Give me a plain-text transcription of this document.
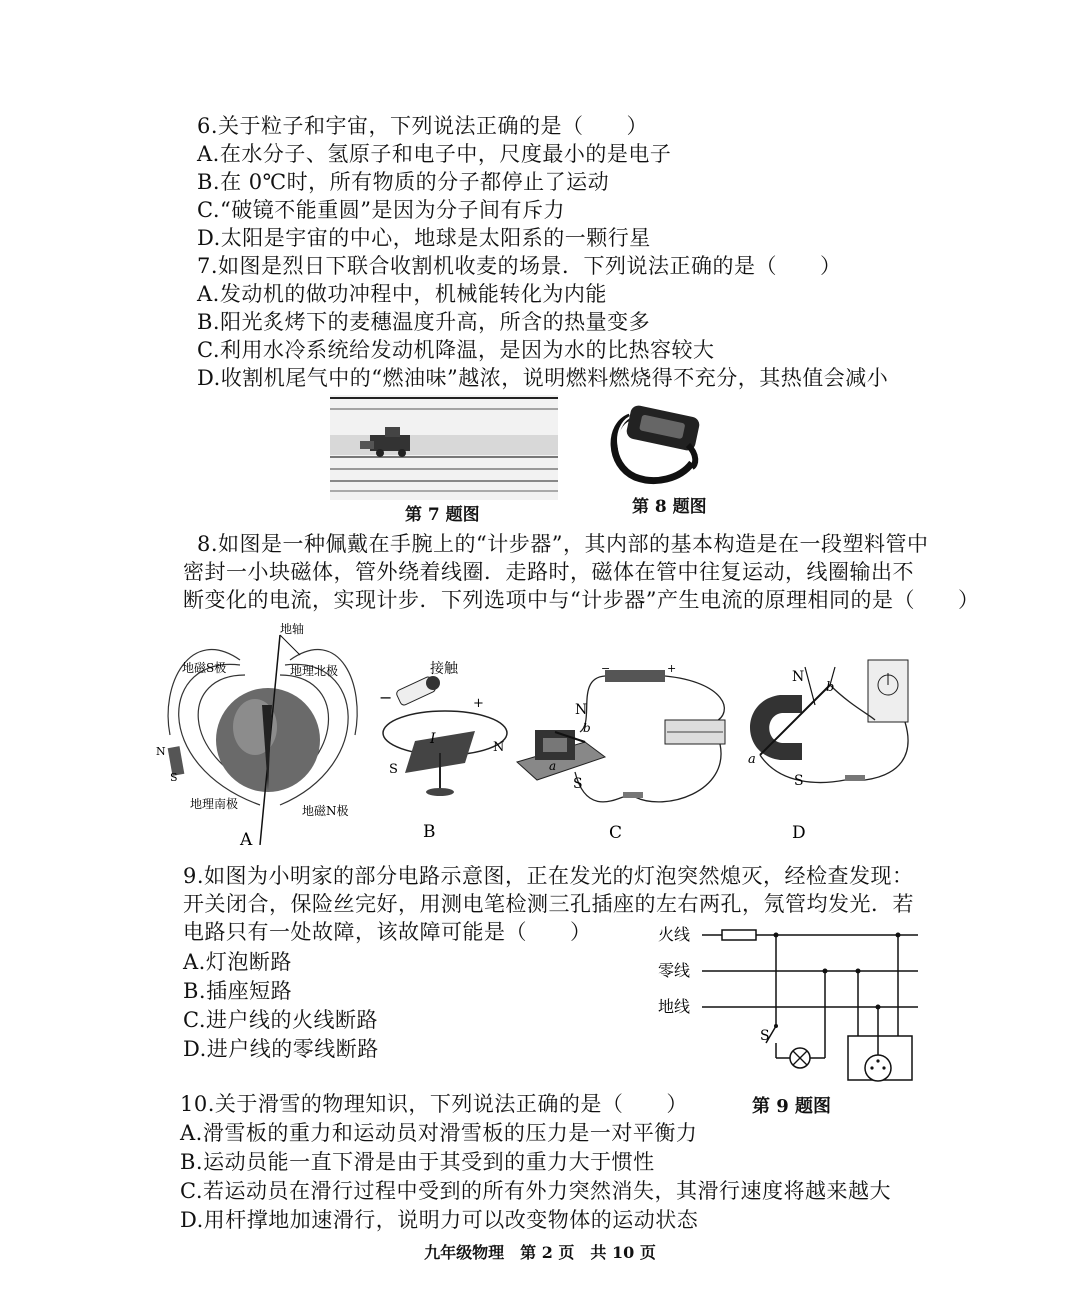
6.关于粒子和宇宙，下列说法正确的是（　　）
A.在水分子、氢原子和电子中，尺度最小的是电子
B.在 0℃时，所有物质的分子都停止了运动
C.“破镜不能重圆”是因为分子间有斥力
D.太阳是宇宙的中心，地球是太阳系的一颗行星
7.如图是烈日下联合收割机收麦的场景．下列说法正确的是（　　）
A.发动机的做功冲程中，机械能转化为内能
B.阳光炙烤下的麦穗温度升高，所含的热量变多
C.利用水冷系统给发动机降温，是因为水的比热容较大
D.收割机尾气中的“燃油味”越浓，说明燃料燃烧得不充分，其热值会减小
第 7 题图	第 8 题图
8.如图是一种佩戴在手腕上的“计步器”，其内部的基本构造是在一段塑料管中
密封一小块磁体，管外绕着线圈．走路时，磁体在管中往复运动，线圈输出不
断变化的电流，实现计步．下列选项中与“计步器”产生电流的原理相同的是（　　）
A
地轴
地磁S极	地理北极
地理南极	地磁N极
N
S
−	+
接触
I
S
N
B
−	+
N
S
a
b
C
N
S
a
b
D
9.如图为小明家的部分电路示意图，正在发光的灯泡突然熄灭，经检查发现：
开关闭合，保险丝完好，用测电笔检测三孔插座的左右两孔，氖管均发光．若
电路只有一处故障，该故障可能是（　　）
A.灯泡断路
B.插座短路
C.进户线的火线断路
D.进户线的零线断路
火线
零线
地线
S
第 9 题图
10.关于滑雪的物理知识，下列说法正确的是（　　）
A.滑雪板的重力和运动员对滑雪板的压力是一对平衡力
B.运动员能一直下滑是由于其受到的重力大于惯性
C.若运动员在滑行过程中受到的所有外力突然消失，其滑行速度将越来越大
D.用杆撑地加速滑行，说明力可以改变物体的运动状态
九年级物理　第 2 页　共 10 页
